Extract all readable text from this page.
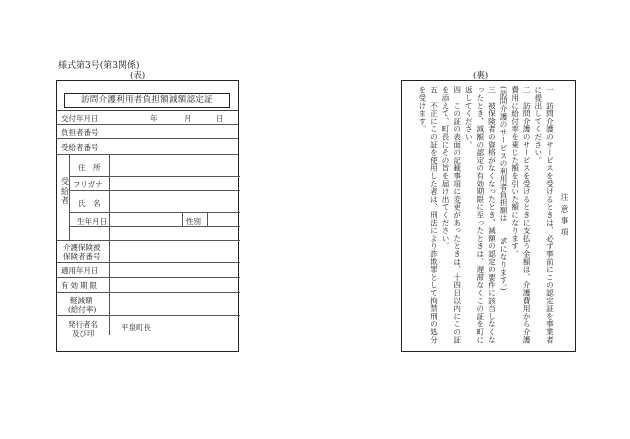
様式第3号(第3関係)
(表)	(裏)
訪問介護利用者負担額減額認定証
交付年月日	年	月	日
負担者番号
受給者番号
受給者
住　所
フリガナ
氏　名
生年月日	性別
介護保険被
保険者番号
適用年月日
有効期限
軽減額
(給付率)
発行者名
及び印
平泉町長
注意事項
一　訪問介護のサービスを受けるときは、必ず事前にこの認定証を事業者に提出してください。
二　訪問介護のサービスを受けるときに支払う金額は、介護費用から介護費用に給付率を乗じた額を引いた額になります。
(訪問介護のサービスの利用者負担額は　　%になります。)
三　被保険者の資格がなくなったとき、減額の認定の要件に該当しなくなったとき、減額の認定の有効期限に至ったときは、遅滞なくこの証を町に返してください。
四　この証の表面の記載事項に変更があったときは、十四日以内にこの証を添えて、町長にその旨を届け出てください。
五　不正にこの証を使用した者は、刑法により詐欺罪として拘禁刑の処分を受けます。
